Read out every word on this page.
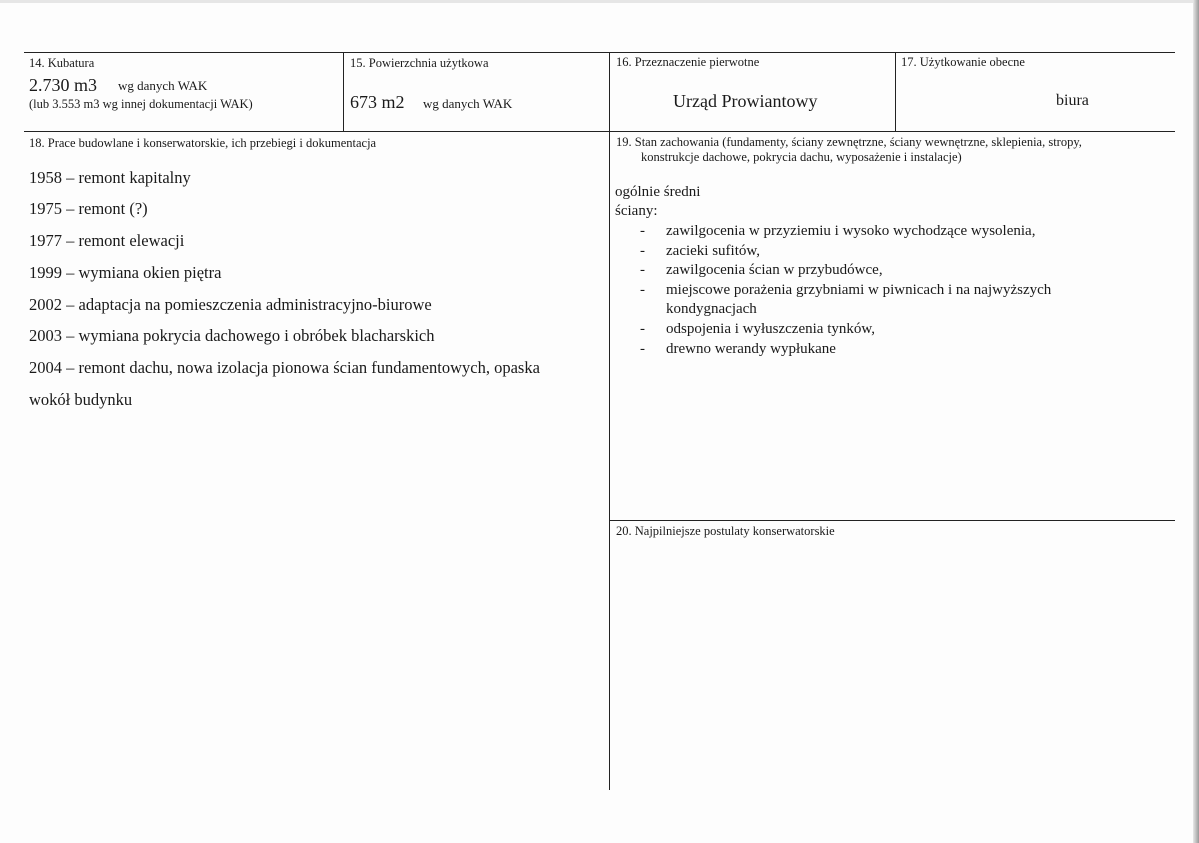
14. Kubatura
2.730 m3 wg danych WAK
(lub 3.553 m3 wg innej dokumentacji WAK)
15. Powierzchnia użytkowa
673 m2 wg danych WAK
16. Przeznaczenie pierwotne
Urząd Prowiantowy
17. Użytkowanie obecne
biura
18. Prace budowlane i konserwatorskie, ich przebiegi i dokumentacja
1958 – remont kapitalny
1975 – remont (?)
1977 – remont elewacji
1999 – wymiana okien piętra
2002 – adaptacja na pomieszczenia administracyjno-biurowe
2003 – wymiana pokrycia dachowego i obróbek blacharskich
2004 – remont dachu, nowa izolacja pionowa ścian fundamentowych, opaska
wokół budynku
19. Stan zachowania (fundamenty, ściany zewnętrzne, ściany wewnętrzne, sklepienia, stropy,
konstrukcje dachowe, pokrycia dachu, wyposażenie i instalacje)
ogólnie średni
ściany:
- zawilgocenia w przyziemiu i wysoko wychodzące wysolenia,
- zacieki sufitów,
- zawilgocenia ścian w przybudówce,
- miejscowe porażenia grzybniami w piwnicach i na najwyższych
kondygnacjach
- odspojenia i wyłuszczenia tynków,
- drewno werandy wypłukane
20. Najpilniejsze postulaty konserwatorskie
